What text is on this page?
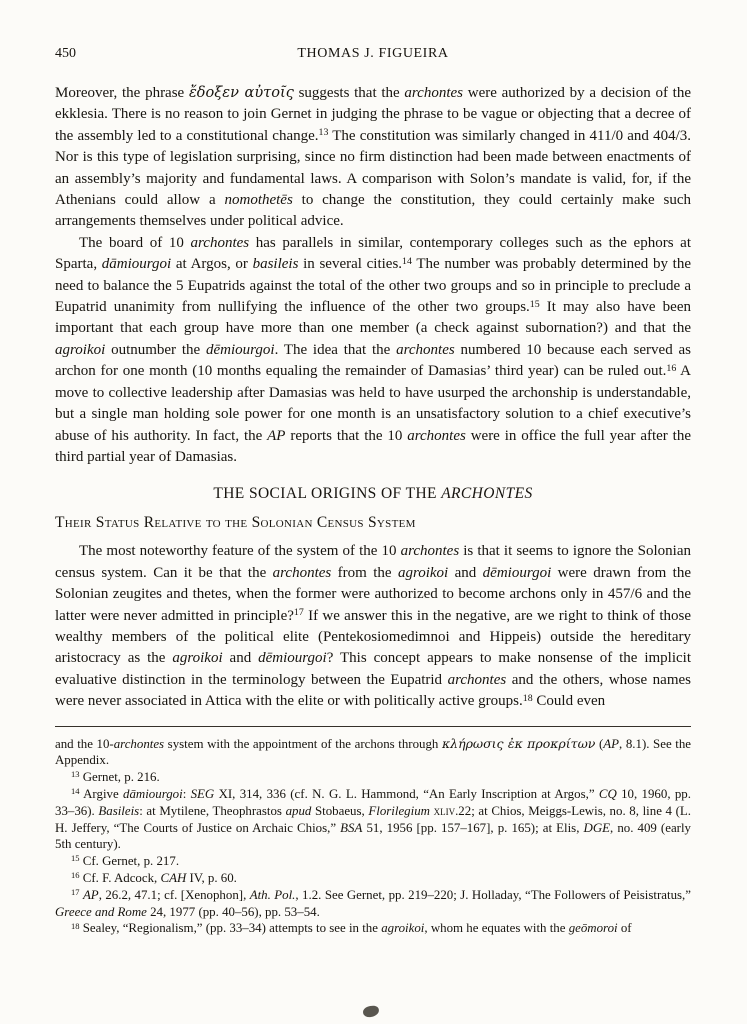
450	THOMAS J. FIGUEIRA

Moreover, the phrase ἔδοξεν αὐτοῖς suggests that the archontes were authorized by a decision of the ekklesia. There is no reason to join Gernet in judging the phrase to be vague or objecting that a decree of the assembly led to a constitutional change.$^{13}$ The constitution was similarly changed in 411/0 and 404/3. Nor is this type of legislation surprising, since no firm distinction had been made between enactments of an assembly’s majority and fundamental laws. A comparison with Solon’s mandate is valid, for, if the Athenians could allow a nomothetēs to change the constitution, they could certainly make such arrangements themselves under political advice.

The board of 10 archontes has parallels in similar, contemporary colleges such as the ephors at Sparta, dāmiourgoi at Argos, or basileis in several cities.$^{14}$ The number was probably determined by the need to balance the 5 Eupatrids against the total of the other two groups and so in principle to preclude a Eupatrid unanimity from nullifying the influence of the other two groups.$^{15}$ It may also have been important that each group have more than one member (a check against subornation?) and that the agroikoi outnumber the dēmiourgoi. The idea that the archontes numbered 10 because each served as archon for one month (10 months equaling the remainder of Damasias’ third year) can be ruled out.$^{16}$ A move to collective leadership after Damasias was held to have usurped the archonship is understandable, but a single man holding sole power for one month is an unsatisfactory solution to a chief executive’s abuse of his authority. In fact, the AP reports that the 10 archontes were in office the full year after the third partial year of Damasias.

THE SOCIAL ORIGINS OF THE ARCHONTES
Their Status Relative to the Solonian Census System

The most noteworthy feature of the system of the 10 archontes is that it seems to ignore the Solonian census system. Can it be that the archontes from the agroikoi and dēmiourgoi were drawn from the Solonian zeugites and thetes, when the former were authorized to become archons only in 457/6 and the latter were never admitted in principle?$^{17}$ If we answer this in the negative, are we right to think of those wealthy members of the political elite (Pentekosiomedimnoi and Hippeis) outside the hereditary aristocracy as the agroikoi and dēmiourgoi? This concept appears to make nonsense of the implicit evaluative distinction in the terminology between the Eupatrid archontes and the others, whose names were never associated in Attica with the elite or with politically active groups.$^{18}$ Could even

and the 10-archontes system with the appointment of the archons through κλήρωσις ἐκ προκρίτων (AP, 8.1). See the Appendix.

$^{13}$ Gernet, p. 216.

$^{14}$ Argive dāmiourgoi: SEG XI, 314, 336 (cf. N. G. L. Hammond, “An Early Inscription at Argos,” CQ 10, 1960, pp. 33–36). Basileis: at Mytilene, Theophrastos apud Stobaeus, Florilegium xliv.22; at Chios, Meiggs-Lewis, no. 8, line 4 (L. H. Jeffery, “The Courts of Justice on Archaic Chios,” BSA 51, 1956 [pp. 157–167], p. 165); at Elis, DGE, no. 409 (early 5th century).

$^{15}$ Cf. Gernet, p. 217.

$^{16}$ Cf. F. Adcock, CAH IV, p. 60.

$^{17}$ AP, 26.2, 47.1; cf. [Xenophon], Ath. Pol., 1.2. See Gernet, pp. 219–220; J. Holladay, “The Followers of Peisistratus,” Greece and Rome 24, 1977 (pp. 40–56), pp. 53–54.

$^{18}$ Sealey, “Regionalism,” (pp. 33–34) attempts to see in the agroikoi, whom he equates with the geōmoroi of
